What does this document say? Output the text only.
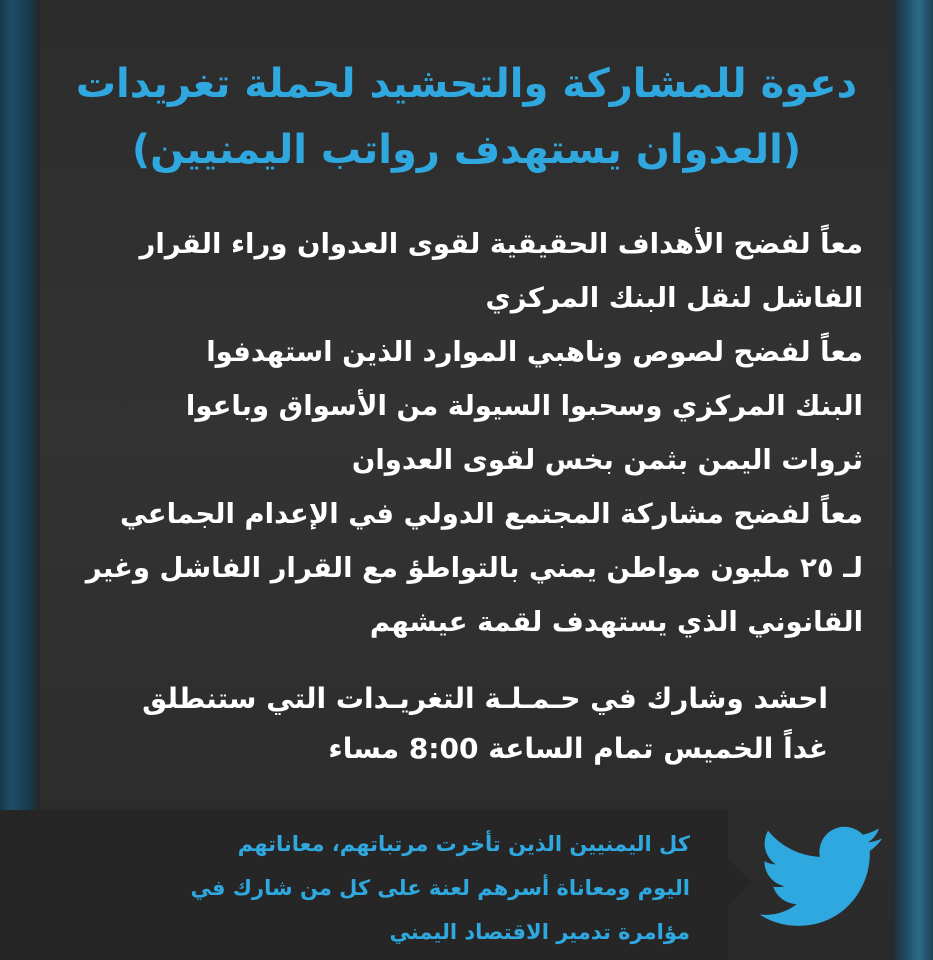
دعوة للمشاركة والتحشيد لحملة تغريدات
(العدوان يستهدف رواتب اليمنيين)
معاً لفضح الأهداف الحقيقية لقوى العدوان وراء القرار
الفاشل لنقل البنك المركزي
معاً لفضح لصوص وناهبي الموارد الذين استهدفوا
البنك المركزي وسحبوا السيولة من الأسواق وباعوا
ثروات اليمن بثمن بخس لقوى العدوان
معاً لفضح مشاركة المجتمع الدولي في الإعدام الجماعي
لـ ٢٥ مليون مواطن يمني بالتواطؤ مع القرار الفاشل وغير
القانوني الذي يستهدف لقمة عيشهم
احشد وشارك في حـمـلـة التغريـدات التي ستنطلق
غداً الخميس تمام الساعة 8:00 مساء
كل اليمنيين الذين تأخرت مرتباتهم، معاناتهم
اليوم ومعاناة أسرهم لعنة على كل من شارك في
مؤامرة تدمير الاقتصاد اليمني
